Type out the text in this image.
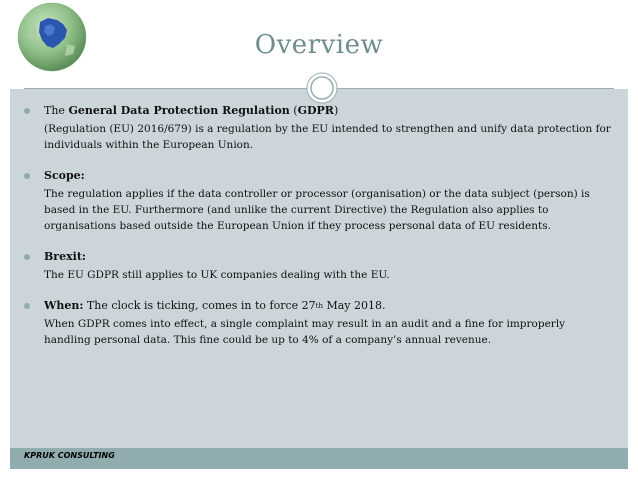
Overview
The General Data Protection Regulation (GDPR)
(Regulation (EU) 2016/679) is a regulation by the EU intended to strengthen and unify data protection for individuals within the European Union.
Scope:
The regulation applies if the data controller or processor (organisation) or the data subject (person) is based in the EU. Furthermore (and unlike the current Directive) the Regulation also applies to organisations based outside the European Union if they process personal data of EU residents.
Brexit:
The EU GDPR still applies to UK companies dealing with the EU.
When: The clock is ticking, comes in to force 27th May 2018.
When GDPR comes into effect, a single complaint may result in an audit and a fine for improperly handling personal data. This fine could be up to 4% of a company’s annual revenue.
KPRUK CONSULTING
